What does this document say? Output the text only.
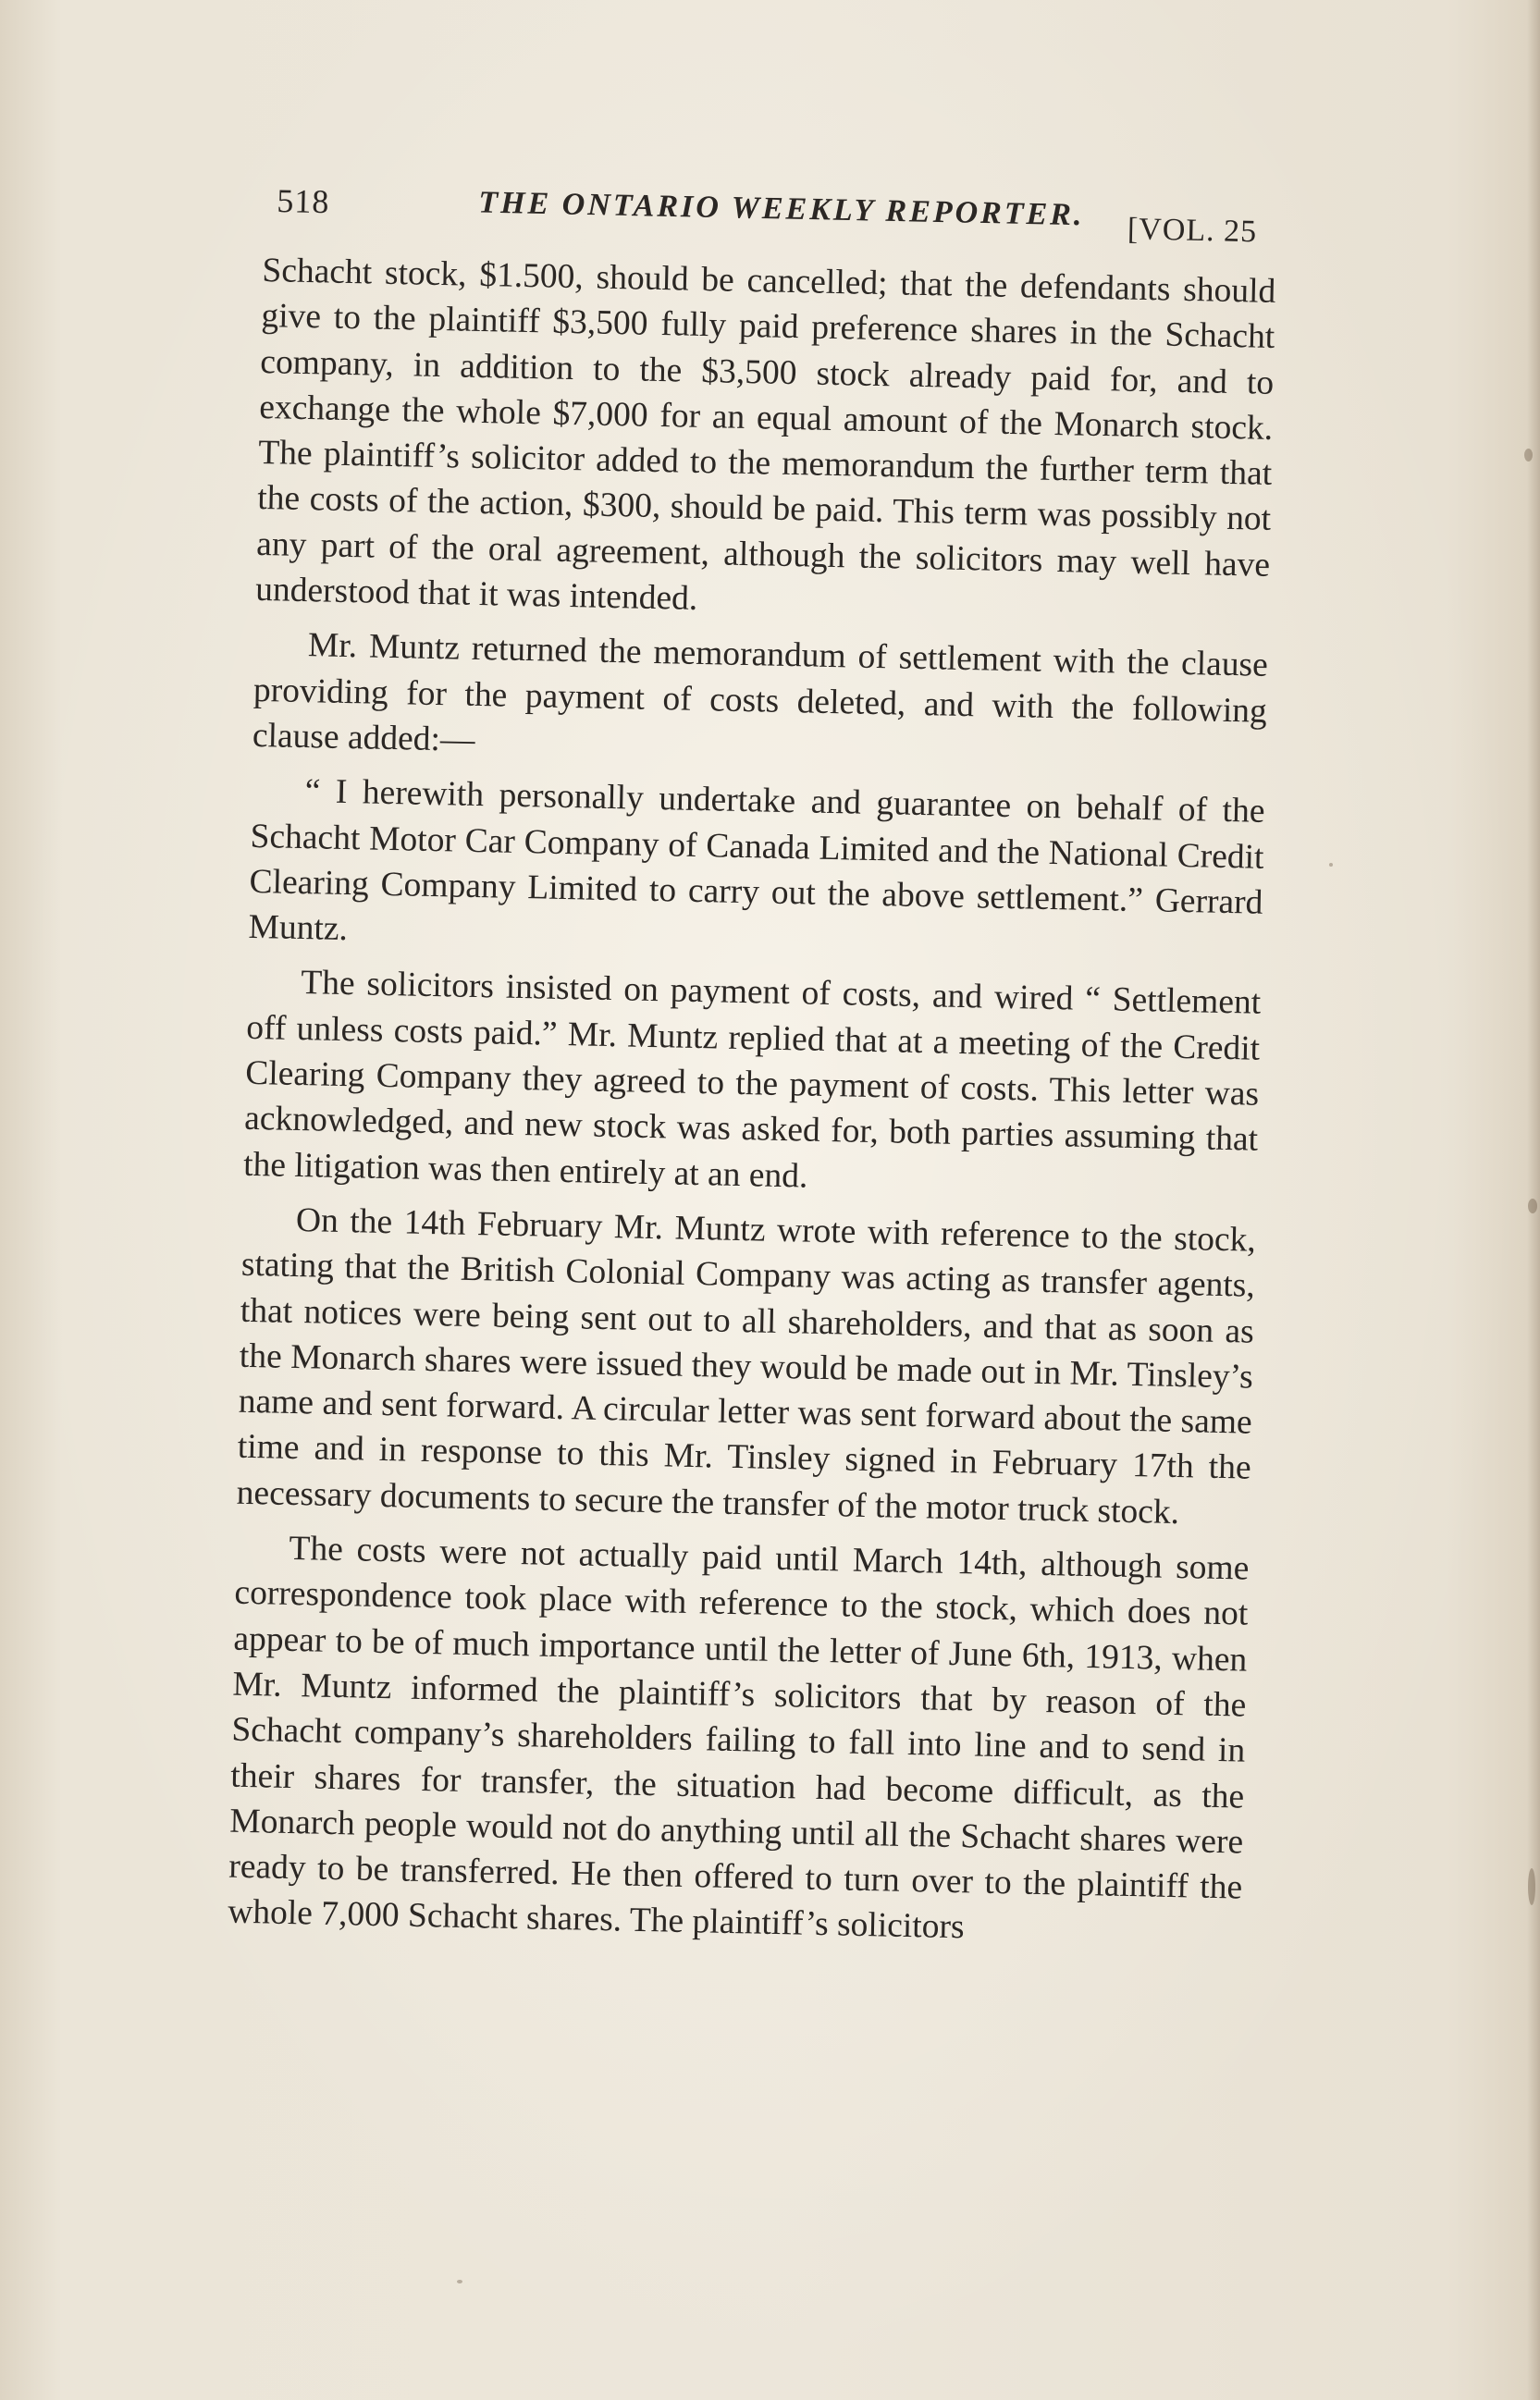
518	THE ONTARIO WEEKLY REPORTER. [VOL. 25

Schacht stock, $1.500, should be cancelled; that the defendants should give to the plaintiff $3,500 fully paid preference shares in the Schacht company, in addition to the $3,500 stock already paid for, and to exchange the whole $7,000 for an equal amount of the Monarch stock. The plaintiff’s solicitor added to the memorandum the further term that the costs of the action, $300, should be paid. This term was possibly not any part of the oral agreement, although the solicitors may well have understood that it was intended.

Mr. Muntz returned the memorandum of settlement with the clause providing for the payment of costs deleted, and with the following clause added:—

“ I herewith personally undertake and guarantee on behalf of the Schacht Motor Car Company of Canada Limited and the National Credit Clearing Company Limited to carry out the above settlement.” Gerrard Muntz.

The solicitors insisted on payment of costs, and wired “ Settlement off unless costs paid.” Mr. Muntz replied that at a meeting of the Credit Clearing Company they agreed to the payment of costs. This letter was acknowledged, and new stock was asked for, both parties assuming that the litigation was then entirely at an end.

On the 14th February Mr. Muntz wrote with reference to the stock, stating that the British Colonial Company was acting as transfer agents, that notices were being sent out to all shareholders, and that as soon as the Monarch shares were issued they would be made out in Mr. Tinsley’s name and sent forward. A circular letter was sent forward about the same time and in response to this Mr. Tinsley signed in February 17th the necessary documents to secure the transfer of the motor truck stock.

The costs were not actually paid until March 14th, although some correspondence took place with reference to the stock, which does not appear to be of much importance until the letter of June 6th, 1913, when Mr. Muntz informed the plaintiff’s solicitors that by reason of the Schacht company’s shareholders failing to fall into line and to send in their shares for transfer, the situation had become difficult, as the Monarch people would not do anything until all the Schacht shares were ready to be transferred. He then offered to turn over to the plaintiff the whole 7,000 Schacht shares. The plaintiff’s solicitors
